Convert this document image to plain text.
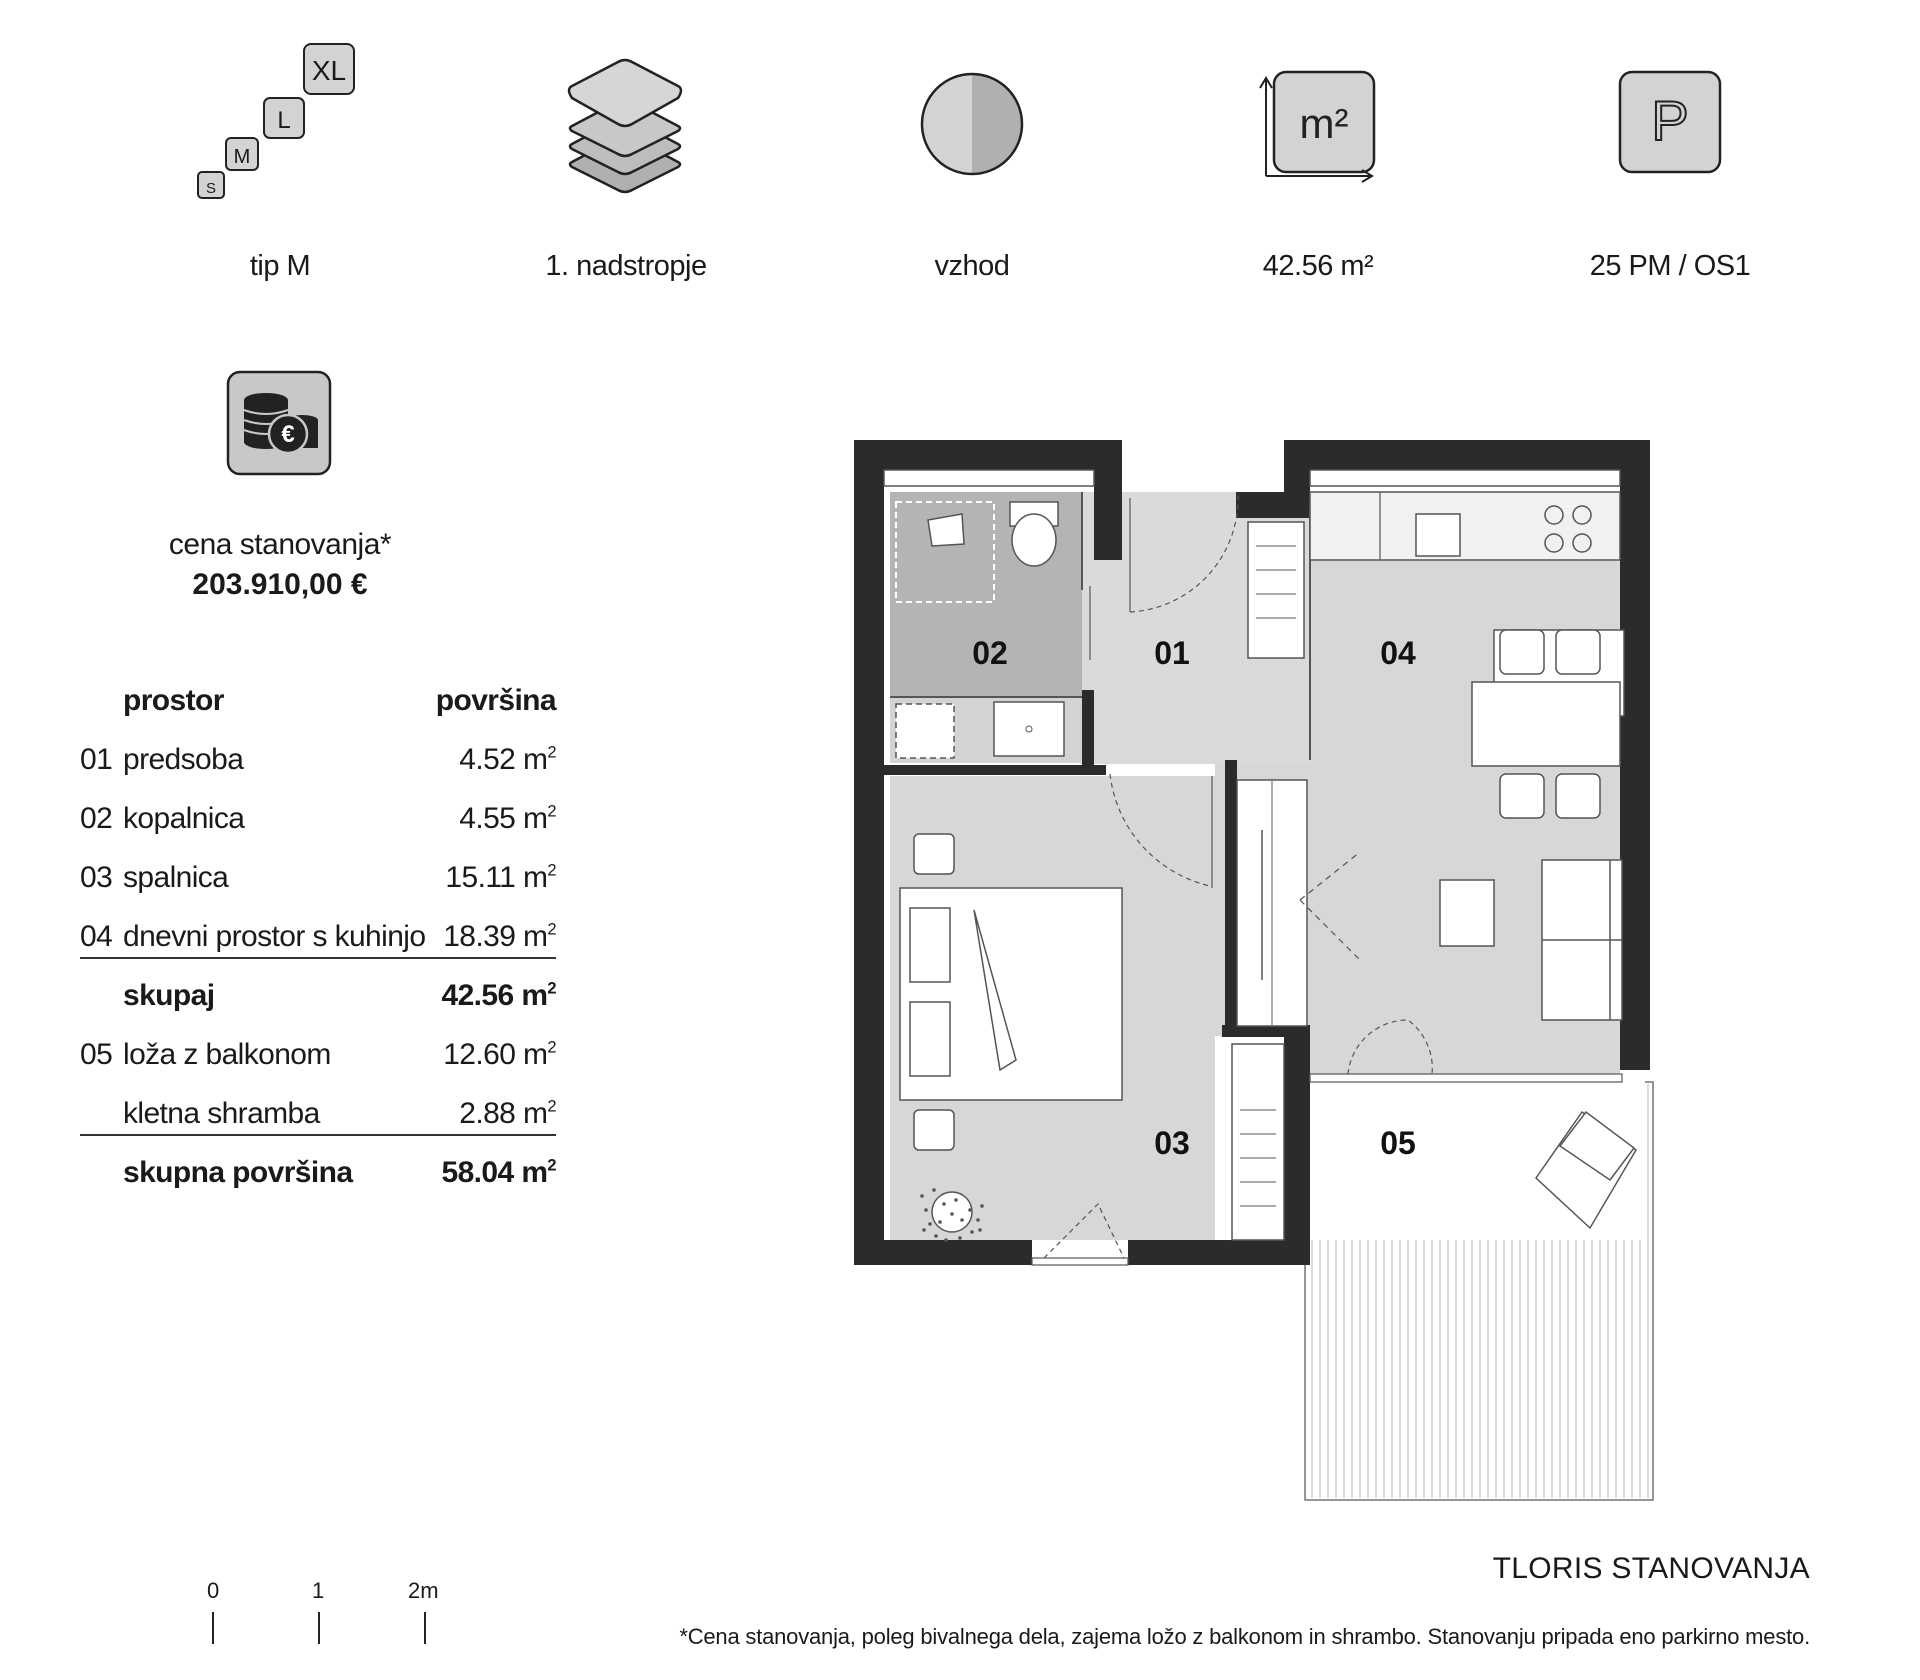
XL
L
M
S
m²	P
tip M	1. nadstropje	vzhod	42.56 m²	25 PM / OS1
€
cena stanovanja*
203.910,00 €
prostor	površina
01 predsoba	4.52 $m^2$
02 kopalnica	4.55 $m^2$
03 spalnica	15.11 $m^2$
04 dnevni prostor s kuhinjo 18.39 $m^2$
skupaj	42.56 $m^2$
05 loža z balkonom	12.60 $m^2$
kletna shramba	2.88 $m^2$
skupna površina	58.04 $m^2$
01
02
03
04
05
TLORIS STANOVANJA
*Cena stanovanja, poleg bivalnega dela, zajema ložo z balkonom in shrambo. Stanovanju pripada eno parkirno mesto.
0	1	2m
